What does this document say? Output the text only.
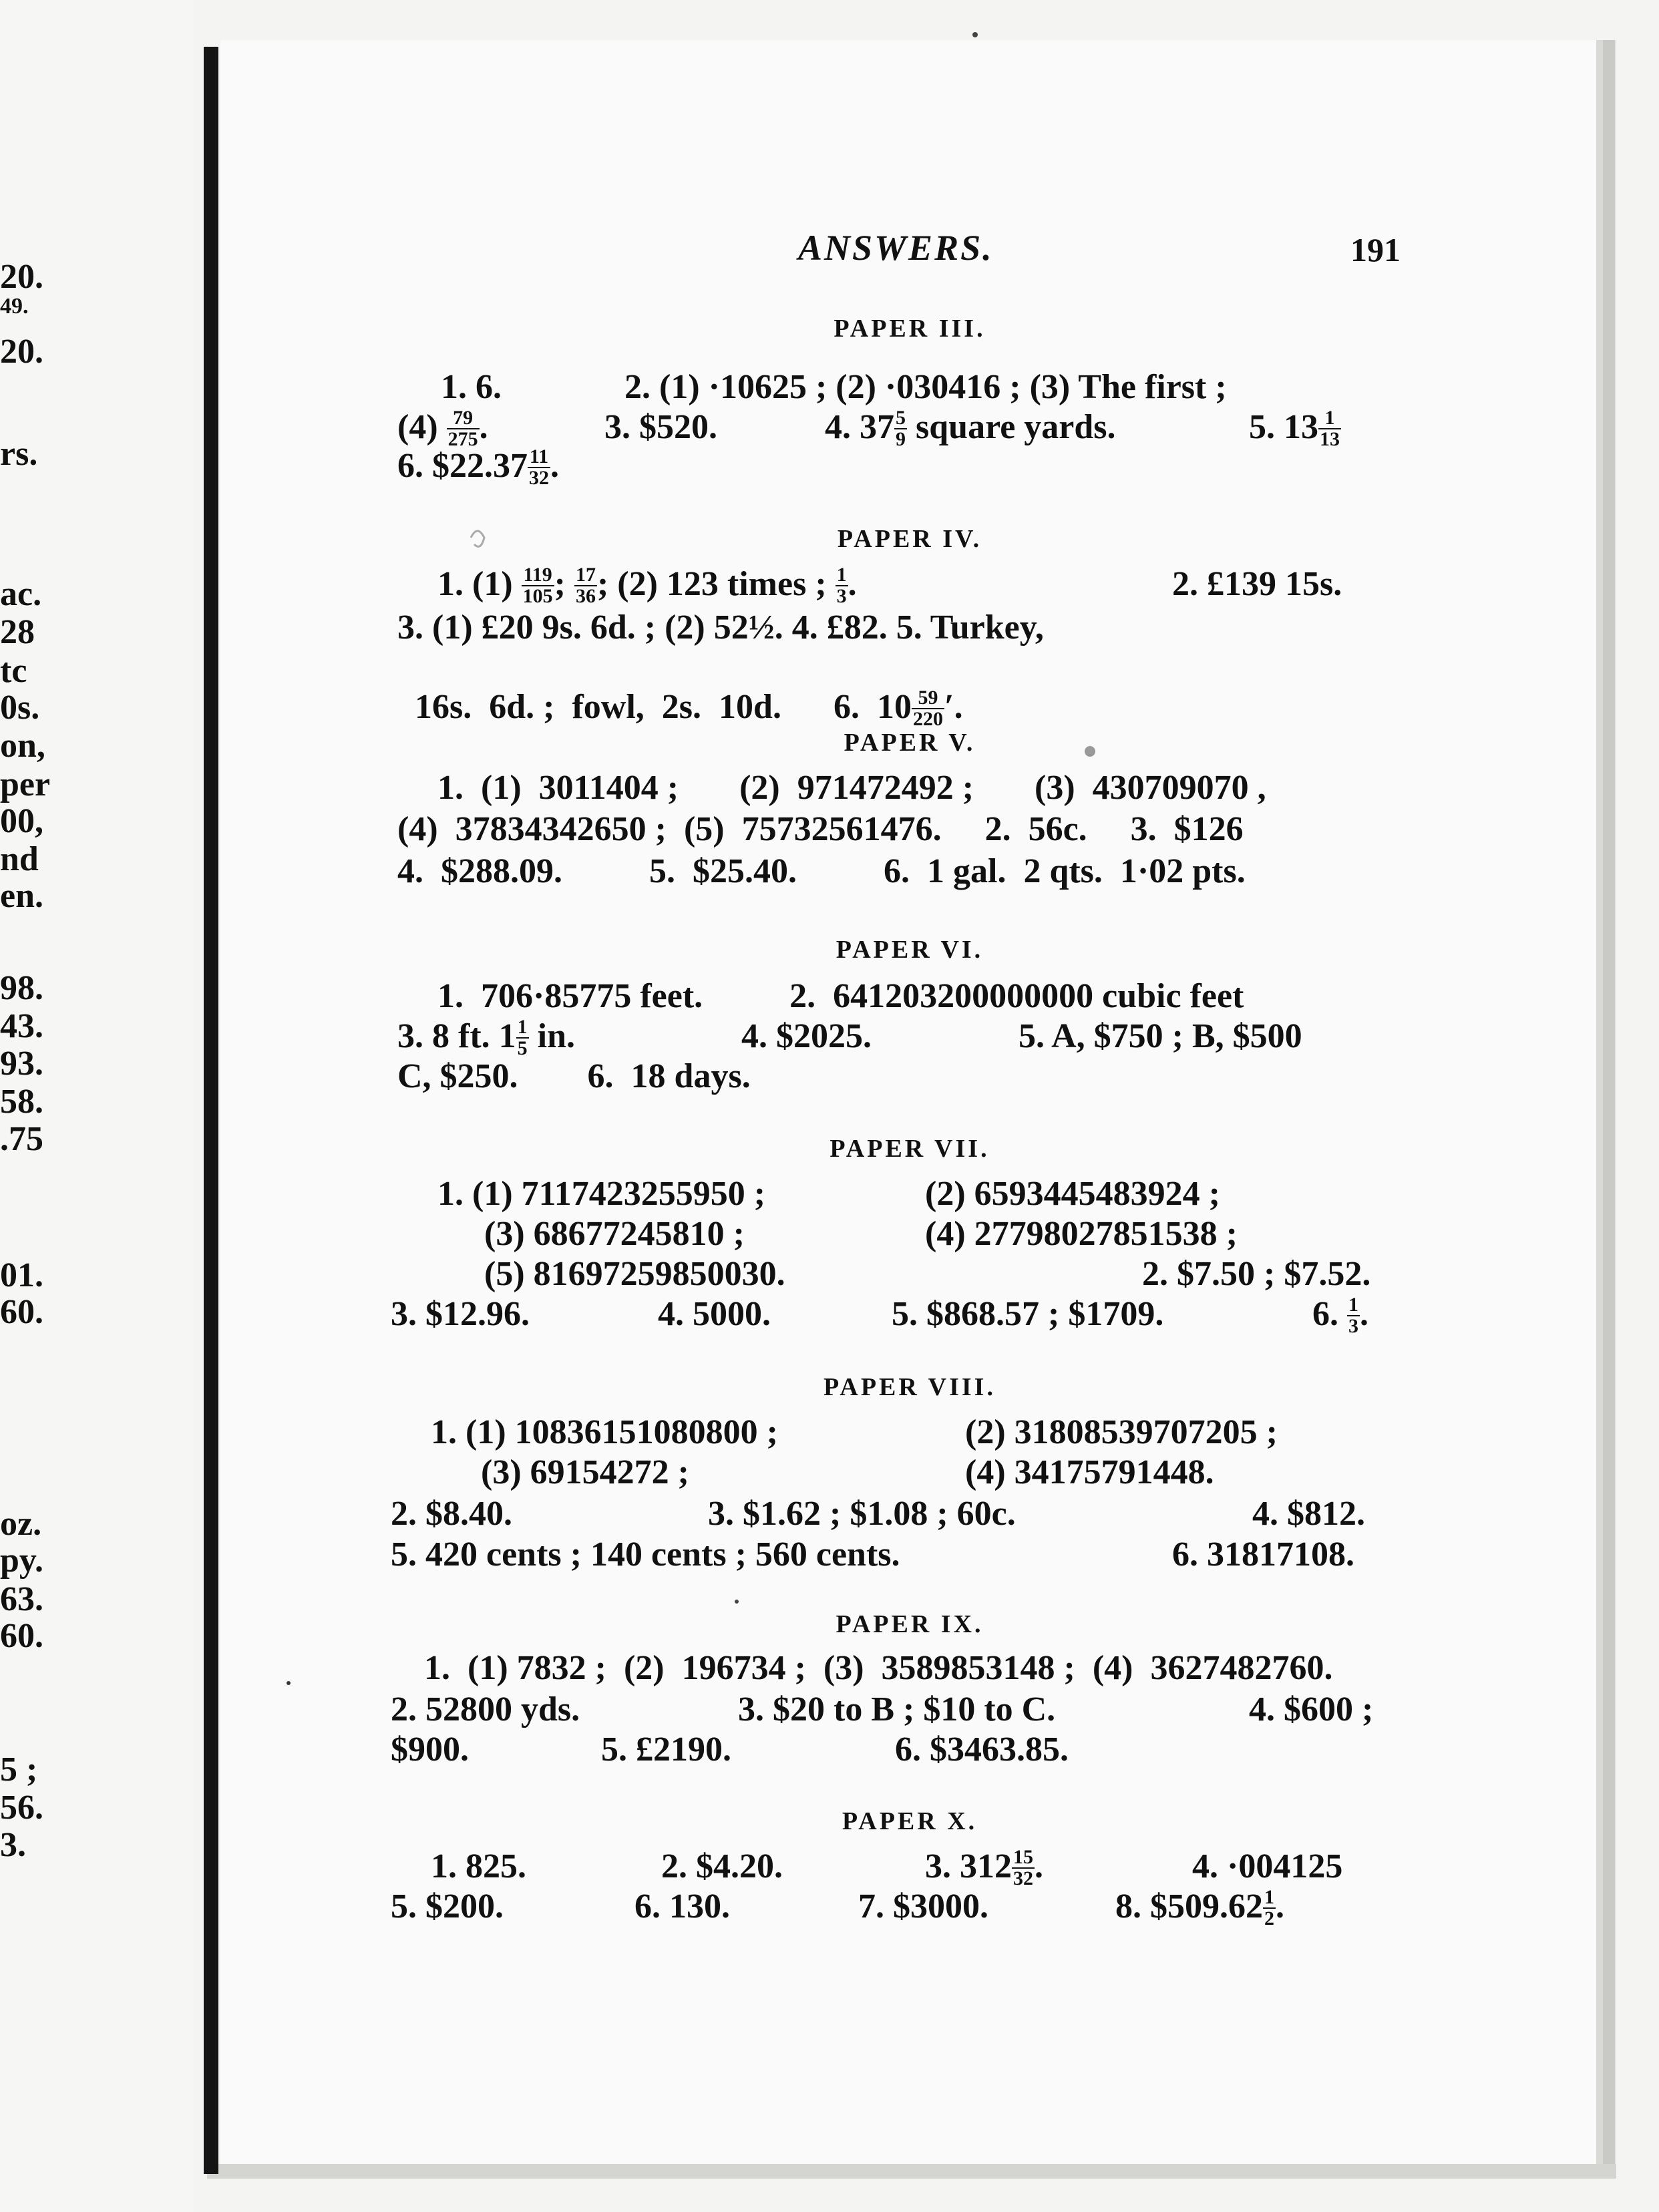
20.
49.
20.
rs.
ac.
28
tc
0s.
on,
per
00,
nd
en.
98.
43.
93.
58.
.75
01.
60.
oz.
py.
63.
60.
5 ;
56.
3.
ANSWERS.	191
PAPER III.
1. 6.	2. (1) ·10625 ; (2) ·030416 ; (3) The first ;
$(4) \frac{79}{275}$ .	3. $520.	4. $37 \frac{5}{9}$ square yards.	5. $13 \frac{1}{13}$
6. $22.37 $\frac{11}{32}$ .
PAPER IV.
1. $(1) \frac{119}{105}$ ; $\frac{17}{36}$ ; (2) 123 times ; $\frac{1}{3}$ .	2. £139 15s.
3. (1) £20 9s. 6d. ; (2) 52½. 4. £82. 5. Turkey,

16s.  6d. ;  fowl,  2s.  10d.      6.  $10 \frac{59}{220}$ ′.

PAPER V.
1.  (1)  3011404 ;       (2)  971472492 ;       (3)  430709070 ,
(4)  37834342650 ;  (5)  75732561476.     2.  56c.     3.  $126
4.  $288.09.          5.  $25.40.          6.  1 gal.  2 qts.  1·02 pts.
PAPER VI.
1.  706·85775 feet.          2.  641203200000000 cubic feet
3. 8 ft. $1 \frac{1}{5}$ in.	4. $2025.	5. A, $750 ; B, $500
C, $250.        6.  18 days.
PAPER VII.
1. (1) 7117423255950 ;	(2) 6593445483924 ;
(3) 68677245810 ;	(4) 27798027851538 ;
(5) 81697259850030.	2. $7.50 ; $7.52.
3. $12.96.	4. 5000.	5. $868.57 ; $1709.	6. $\frac{1}{3}$ .
PAPER VIII.
1. (1) 10836151080800 ;	(2) 31808539707205 ;
(3) 69154272 ;	(4) 34175791448.
2. $8.40.	3. $1.62 ; $1.08 ; 60c.	4. $812.
5. 420 cents ; 140 cents ; 560 cents.	6. 31817108.
PAPER IX.
1.  (1) 7832 ;  (2)  196734 ;  (3)  3589853148 ;  (4)  3627482760.
2. 52800 yds.	3. $20 to B ; $10 to C.	4. $600 ;
$900.	5. £2190.	6. $3463.85.
PAPER X.
1. 825.	2. $4.20.	3. $312 \frac{15}{32}$ .	4. ·004125
5. $200.	6. 130.	7. $3000.	8. $509.62 $\frac{1}{2}$ .
